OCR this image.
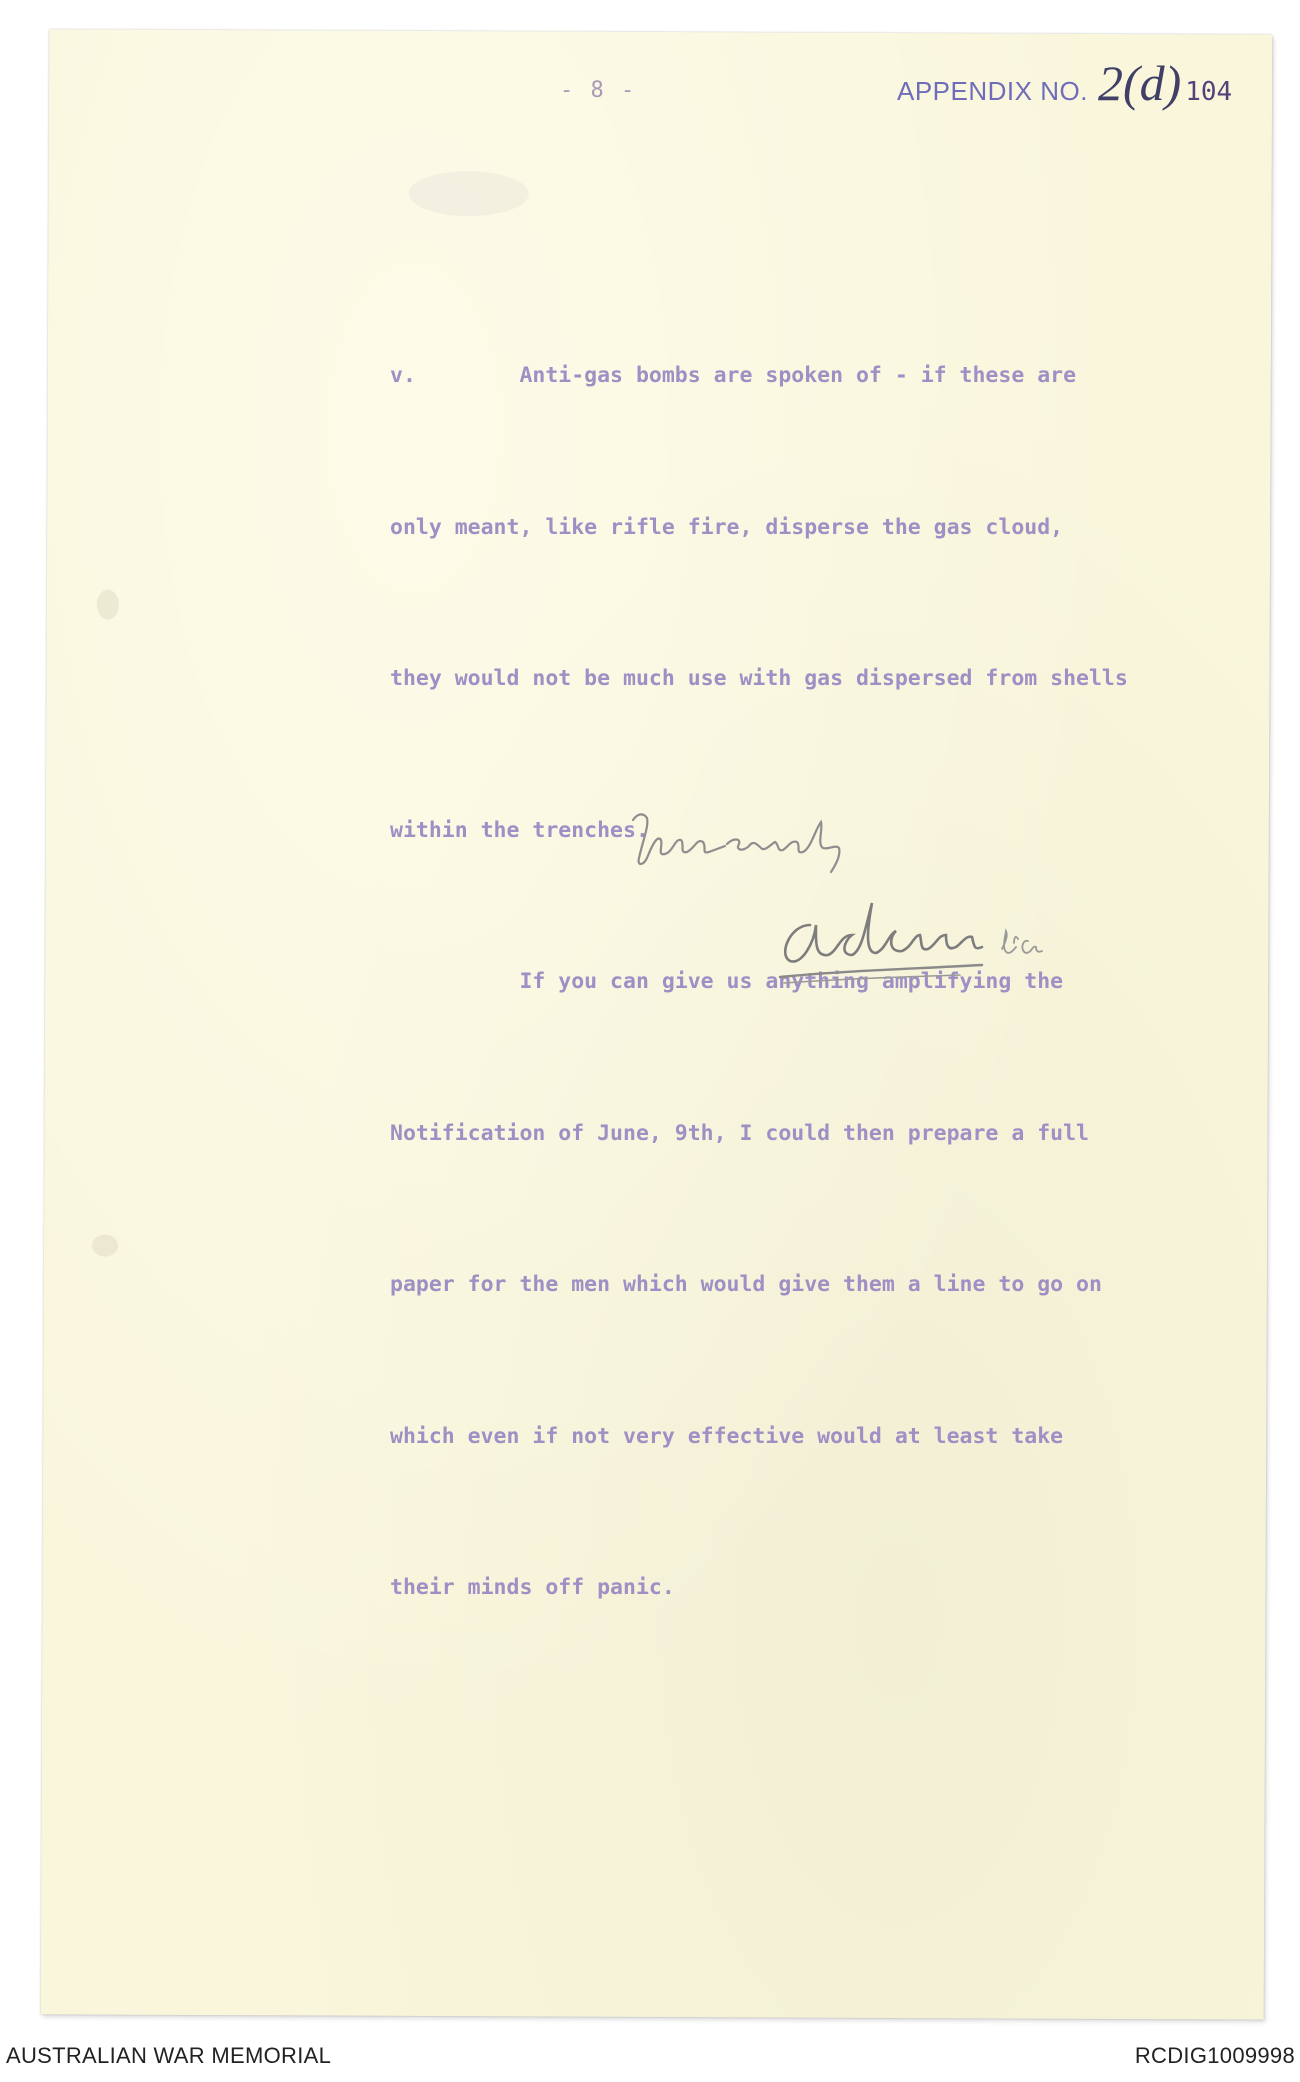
- 8 -	APPENDIX NO. 2(d) 104

v.        Anti-gas bombs are spoken of - if these are

only meant, like rifle fire, disperse the gas cloud,

they would not be much use with gas dispersed from shells

within the trenches.

If you can give us anything amplifying the

Notification of June, 9th, I could then prepare a full

paper for the men which would give them a line to go on

which even if not very effective would at least take

their minds off panic.

AUSTRALIAN WAR MEMORIAL	RCDIG1009998
